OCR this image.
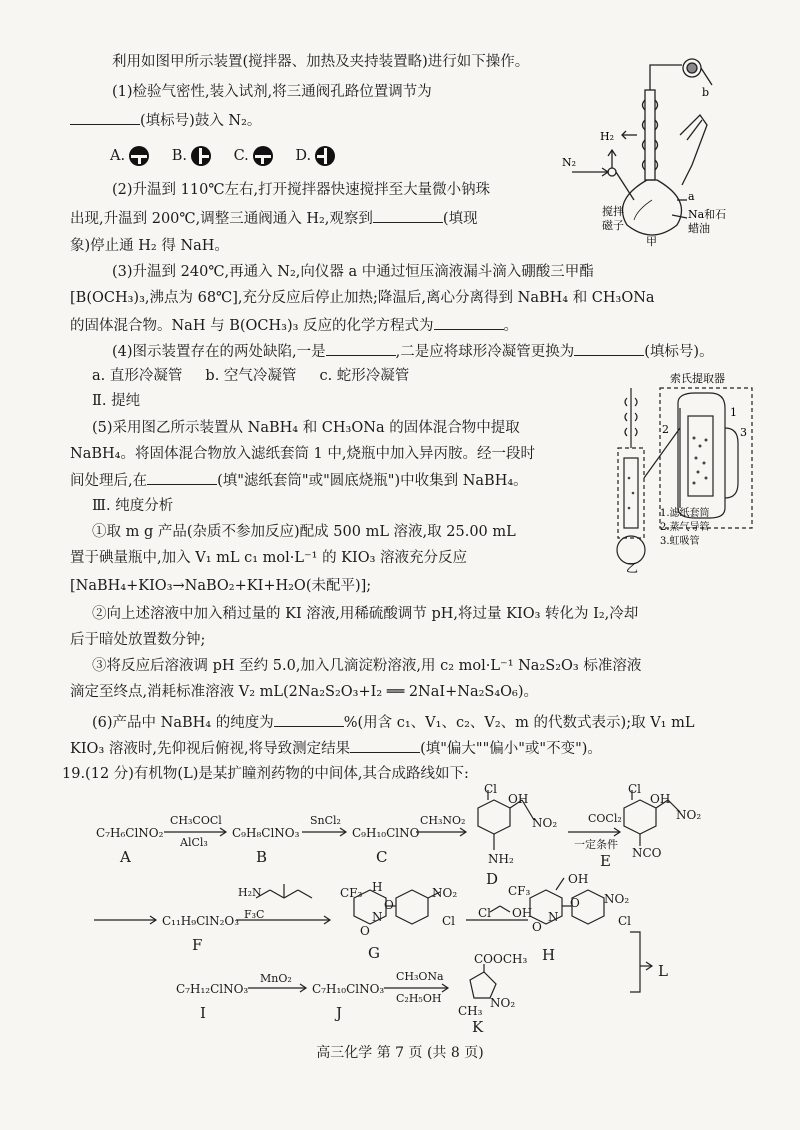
利用如图甲所示装置(搅拌器、加热及夹持装置略)进行如下操作。
(1)检验气密性,装入试剂,将三通阀孔路位置调节为
(填标号)鼓入 N₂。
A.
	B.
	C.
	D.
(2)升温到 110℃左右,打开搅拌器快速搅拌至大量微小钠珠
出现,升温到 200℃,调整三通阀通入 H₂,观察到	(填现
象)停止通 H₂ 得 NaH。
(3)升温到 240℃,再通入 N₂,向仪器 a 中通过恒压滴液漏斗滴入硼酸三甲酯
[B(OCH₃)₃,沸点为 68℃],充分反应后停止加热;降温后,离心分离得到 NaBH₄ 和 CH₃ONa
的固体混合物。NaH 与 B(OCH₃)₃ 反应的化学方程式为	。
(4)图示装置存在的两处缺陷,一是	,二是应将球形冷凝管更换为	(填标号)。
a. 直形冷凝管 b. 空气冷凝管 c. 蛇形冷凝管
Ⅱ. 提纯
(5)采用图乙所示装置从 NaBH₄ 和 CH₃ONa 的固体混合物中提取
NaBH₄。将固体混合物放入滤纸套筒 1 中,烧瓶中加入异丙胺。经一段时
间处理后,在	(填"滤纸套筒"或"圆底烧瓶")中收集到 NaBH₄。
Ⅲ. 纯度分析
①取 m g 产品(杂质不参加反应)配成 500 mL 溶液,取 25.00 mL
置于碘量瓶中,加入 V₁ mL c₁ mol·L⁻¹ 的 KIO₃ 溶液充分反应
[NaBH₄+KIO₃→NaBO₂+KI+H₂O(未配平)];
②向上述溶液中加入稍过量的 KI 溶液,用稀硫酸调节 pH,将过量 KIO₃ 转化为 I₂,冷却
后于暗处放置数分钟;
③将反应后溶液调 pH 至约 5.0,加入几滴淀粉溶液,用 c₂ mol·L⁻¹ Na₂S₂O₃ 标准溶液
滴定至终点,消耗标准溶液 V₂ mL(2Na₂S₂O₃+I₂ ══ 2NaI+Na₂S₄O₆)。
(6)产品中 NaBH₄ 的纯度为	%(用含 c₁、V₁、c₂、V₂、m 的代数式表示);取 V₁ mL
KIO₃ 溶液时,先仰视后俯视,将导致测定结果	(填"偏大""偏小"或"不变")。
19.(12 分)有机物(L)是某扩瞳剂药物的中间体,其合成路线如下:
N₂
H₂
a
b
搅拌
磁子
Na和石
蜡油
甲
索氏提取器
1
2	3
1.滤纸套筒
2.蒸气导管
3.虹吸管
乙
C₇H₆ClNO₂
A
CH₃COCl
AlCl₃
C₉H₈ClNO₃
B
SnCl₂
C₉H₁₀ClNO
C
CH₃NO₂
Cl
OH
NO₂
NH₂
D
COCl₂
一定条件
Cl
OH
NO₂
NCO
E
C₁₁H₉ClN₂O₃
F
H₂N
F₃C
CF₃ H
O
O
N
NO₂
Cl
G
Cl OH
CF₃
OH
O
O
N
NO₂
Cl
H
C₇H₁₂ClNO₃
I
MnO₂
C₇H₁₀ClNO₃
J
CH₃ONa
C₂H₅OH
COOCH₃
CH₃
NO₂
K
L
高三化学 第 7 页 (共 8 页)
